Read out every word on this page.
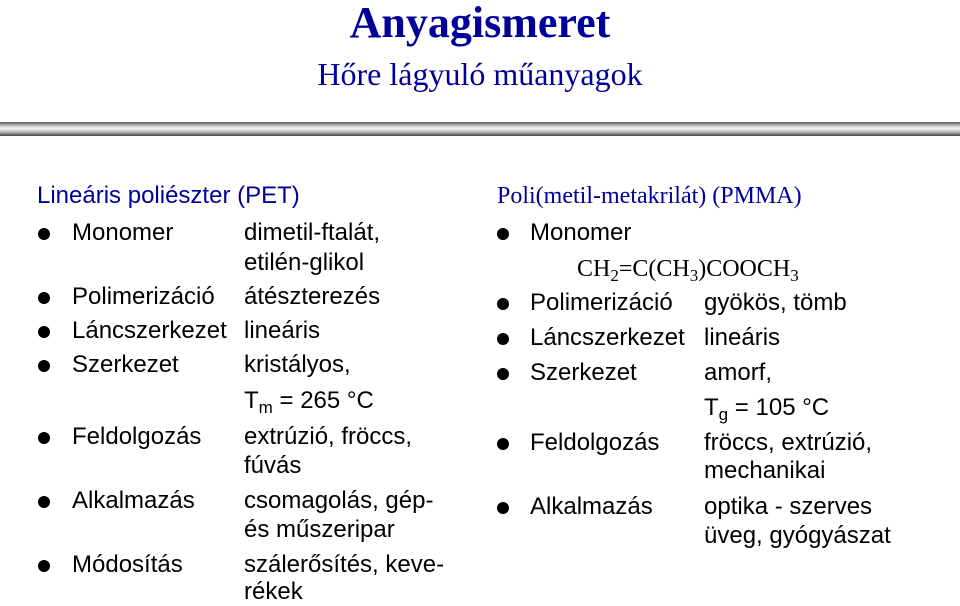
Anyagismeret
Hőre lágyuló műanyagok
Lineáris poliészter (PET)
Monomer	dimetil-ftalát,
etilén-glikol
Polimerizáció átészterezés
Láncszerkezet lineáris
Szerkezet	kristályos,
$T_m = 265$ °C
Feldolgozás extrúzió, fröccs,
fúvás
Alkalmazás csomagolás, gép-
és műszeripar
Módosítás	szálerősítés, keve-
rékek
Poli(metil-metakrilát) (PMMA)
Monomer
$CH_2=C(CH_3)COOCH_3$
Polimerizáció gyökös, tömb
Láncszerkezet lineáris
Szerkezet	amorf,
$T_g = 105$ °C
Feldolgozás fröccs, extrúzió,
mechanikai
Alkalmazás optika - szerves
üveg, gyógyászat
